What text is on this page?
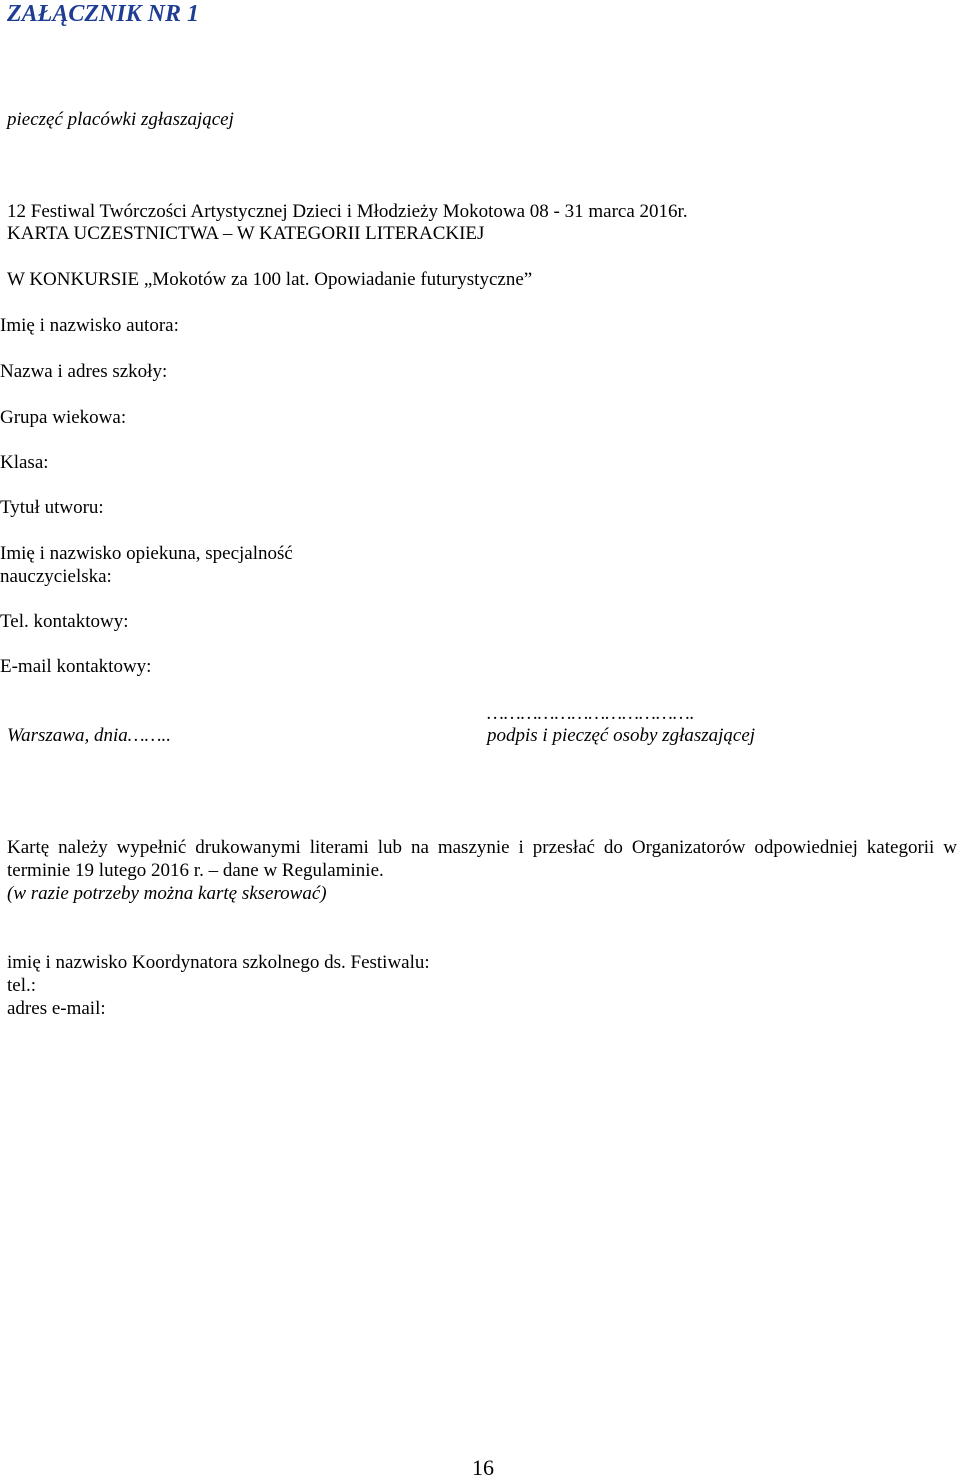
ZAŁĄCZNIK NR 1
pieczęć placówki zgłaszającej
12 Festiwal Twórczości Artystycznej Dzieci i Młodzieży Mokotowa 08 - 31 marca 2016r.
KARTA UCZESTNICTWA – W KATEGORII LITERACKIEJ
W KONKURSIE „Mokotów za 100 lat. Opowiadanie futurystyczne”
Imię i nazwisko autora:
Nazwa i adres szkoły:
Grupa wiekowa:
Klasa:
Tytuł utworu:
Imię i nazwisko opiekuna, specjalność
nauczycielska:
Tel. kontaktowy:
E-mail kontaktowy:
Warszawa, dnia……..
……………………………….
podpis i pieczęć osoby zgłaszającej
Kartę należy wypełnić drukowanymi literami lub na maszynie i przesłać do Organizatorów odpowiedniej kategorii w terminie 19 lutego 2016 r. – dane w Regulaminie.
(w razie potrzeby można kartę skserować)
imię i nazwisko Koordynatora szkolnego ds. Festiwalu:
tel.:
adres e-mail:
16
